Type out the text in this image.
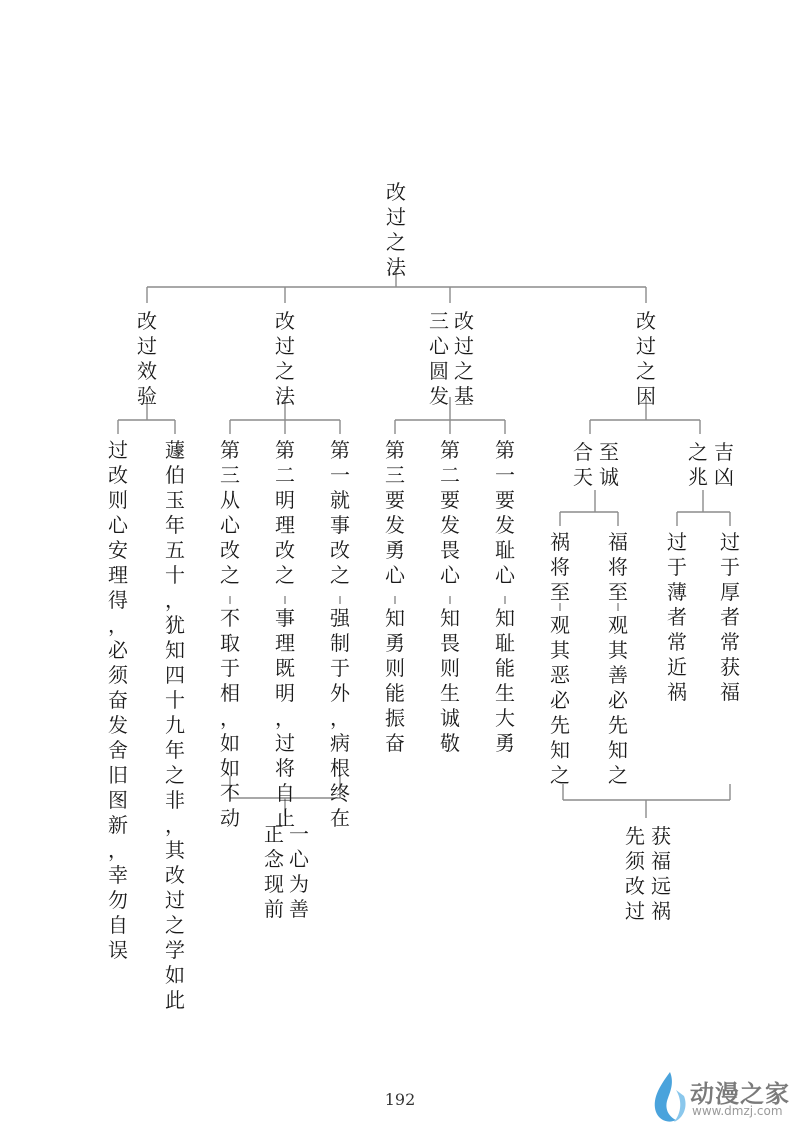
改
过
之
法
改
过
效
验
改
过
之
法
三
心
圆
发
改
过
之
基
改
过
之
因
过
改
则
心
安
理
得
，
必
须
奋
发
舍
旧
图
新
，
幸
勿
自
误
蘧
伯
玉
年
五
十
，
犹
知
四
十
九
年
之
非
，
其
改
过
之
学
如
此
第
三
从
心
改
之
不
取
于
相
，
如
如
不
动
第
二
明
理
改
之
事
理
既
明
，
过
将
自
止
第
一
就
事
改
之
强
制
于
外
，
病
根
终
在
正
念
现
前
一
心
为
善
第
三
要
发
勇
心
知
勇
则
能
振
奋
第
二
要
发
畏
心
知
畏
则
生
诚
敬
第
一
要
发
耻
心
知
耻
能
生
大
勇
合
天
至
诚
之
兆
吉
凶
祸
将
至
观
其
恶
必
先
知
之
福
将
至
观
其
善
必
先
知
之
过
于
薄
者
常
近
祸
过
于
厚
者
常
获
福
先
须
改
过
获
福
远
祸
192	动漫之家
www.dmzj.com
